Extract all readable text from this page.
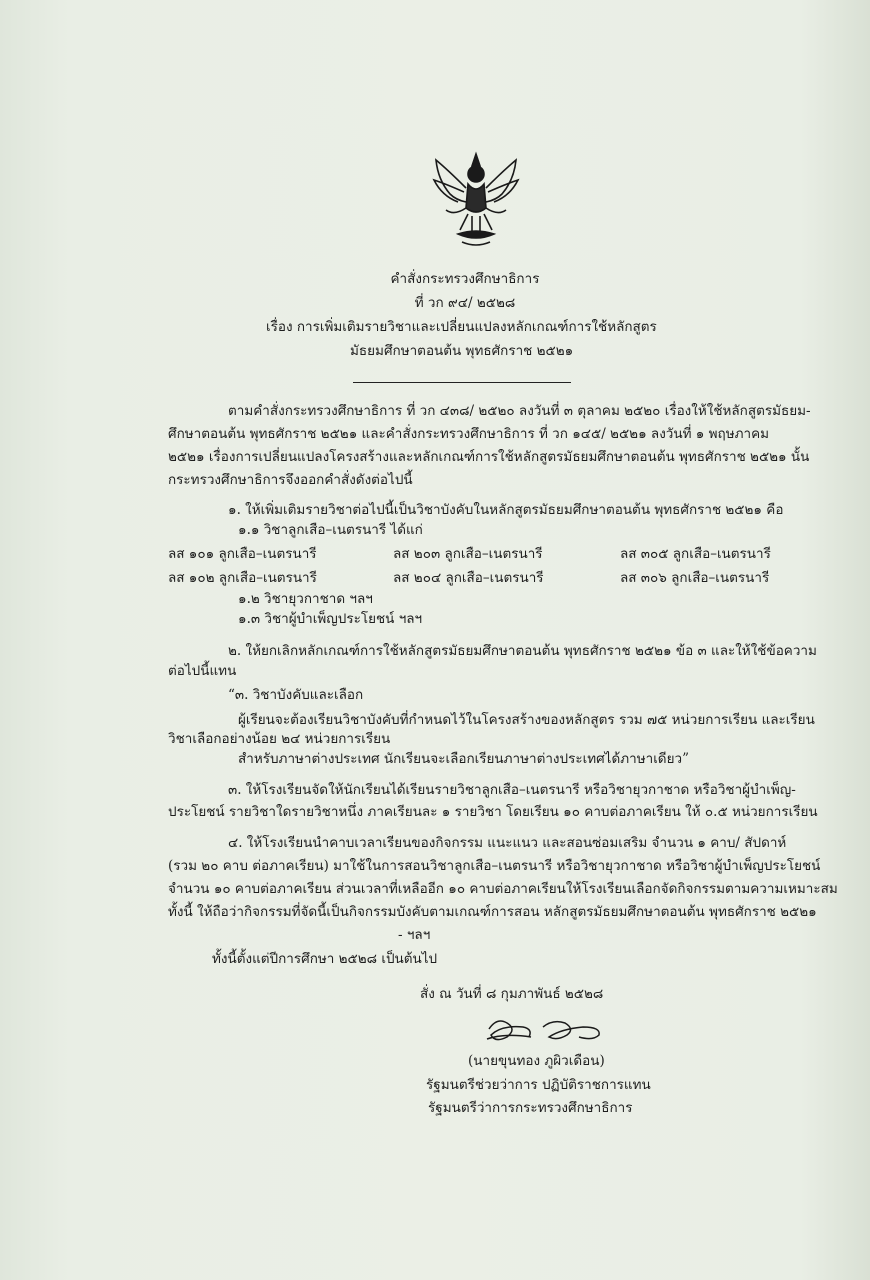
คำสั่งกระทรวงศึกษาธิการ
ที่ วก ๙๔/ ๒๕๒๘
เรื่อง การเพิ่มเติมรายวิชาและเปลี่ยนแปลงหลักเกณฑ์การใช้หลักสูตร
มัธยมศึกษาตอนต้น พุทธศักราช ๒๕๒๑
ตามคำสั่งกระทรวงศึกษาธิการ ที่ วก ๔๓๘/ ๒๕๒๐ ลงวันที่ ๓ ตุลาคม ๒๕๒๐ เรื่องให้ใช้หลักสูตรมัธยม-
ศึกษาตอนต้น พุทธศักราช ๒๕๒๑ และคำสั่งกระทรวงศึกษาธิการ ที่ วก ๑๔๕/ ๒๕๒๑ ลงวันที่ ๑ พฤษภาคม
๒๕๒๑ เรื่องการเปลี่ยนแปลงโครงสร้างและหลักเกณฑ์การใช้หลักสูตรมัธยมศึกษาตอนต้น พุทธศักราช ๒๕๒๑ นั้น
กระทรวงศึกษาธิการจึงออกคำสั่งดังต่อไปนี้
๑. ให้เพิ่มเติมรายวิชาต่อไปนี้เป็นวิชาบังคับในหลักสูตรมัธยมศึกษาตอนต้น พุทธศักราช ๒๕๒๑ คือ
๑.๑ วิชาลูกเสือ–เนตรนารี ได้แก่
ลส ๑๐๑ ลูกเสือ–เนตรนารี	ลส ๒๐๓ ลูกเสือ–เนตรนารี	ลส ๓๐๕ ลูกเสือ–เนตรนารี
ลส ๑๐๒ ลูกเสือ–เนตรนารี	ลส ๒๐๔ ลูกเสือ–เนตรนารี	ลส ๓๐๖ ลูกเสือ–เนตรนารี
๑.๒ วิชายุวกาชาด ฯลฯ
๑.๓ วิชาผู้บำเพ็ญประโยชน์ ฯลฯ
๒. ให้ยกเลิกหลักเกณฑ์การใช้หลักสูตรมัธยมศึกษาตอนต้น พุทธศักราช ๒๕๒๑ ข้อ ๓ และให้ใช้ข้อความ
ต่อไปนี้แทน
“๓. วิชาบังคับและเลือก
ผู้เรียนจะต้องเรียนวิชาบังคับที่กำหนดไว้ในโครงสร้างของหลักสูตร รวม ๗๕ หน่วยการเรียน และเรียน
วิชาเลือกอย่างน้อย ๒๔ หน่วยการเรียน
สำหรับภาษาต่างประเทศ นักเรียนจะเลือกเรียนภาษาต่างประเทศได้ภาษาเดียว”
๓. ให้โรงเรียนจัดให้นักเรียนได้เรียนรายวิชาลูกเสือ–เนตรนารี หรือวิชายุวกาชาด หรือวิชาผู้บำเพ็ญ-
ประโยชน์ รายวิชาใดรายวิชาหนึ่ง ภาคเรียนละ ๑ รายวิชา โดยเรียน ๑๐ คาบต่อภาคเรียน ให้ ๐.๕ หน่วยการเรียน
๔. ให้โรงเรียนนำคาบเวลาเรียนของกิจกรรม แนะแนว และสอนซ่อมเสริม จำนวน ๑ คาบ/ สัปดาห์
(รวม ๒๐ คาบ ต่อภาคเรียน) มาใช้ในการสอนวิชาลูกเสือ–เนตรนารี หรือวิชายุวกาชาด หรือวิชาผู้บำเพ็ญประโยชน์
จำนวน ๑๐ คาบต่อภาคเรียน ส่วนเวลาที่เหลืออีก ๑๐ คาบต่อภาคเรียนให้โรงเรียนเลือกจัดกิจกรรมตามความเหมาะสม
ทั้งนี้ ให้ถือว่ากิจกรรมที่จัดนี้เป็นกิจกรรมบังคับตามเกณฑ์การสอน หลักสูตรมัธยมศึกษาตอนต้น พุทธศักราช ๒๕๒๑
- ฯลฯ
ทั้งนี้ตั้งแต่ปีการศึกษา ๒๕๒๘ เป็นต้นไป
สั่ง ณ วันที่ ๘ กุมภาพันธ์ ๒๕๒๘
(นายขุนทอง ภูผิวเดือน)
รัฐมนตรีช่วยว่าการ ปฏิบัติราชการแทน
รัฐมนตรีว่าการกระทรวงศึกษาธิการ
